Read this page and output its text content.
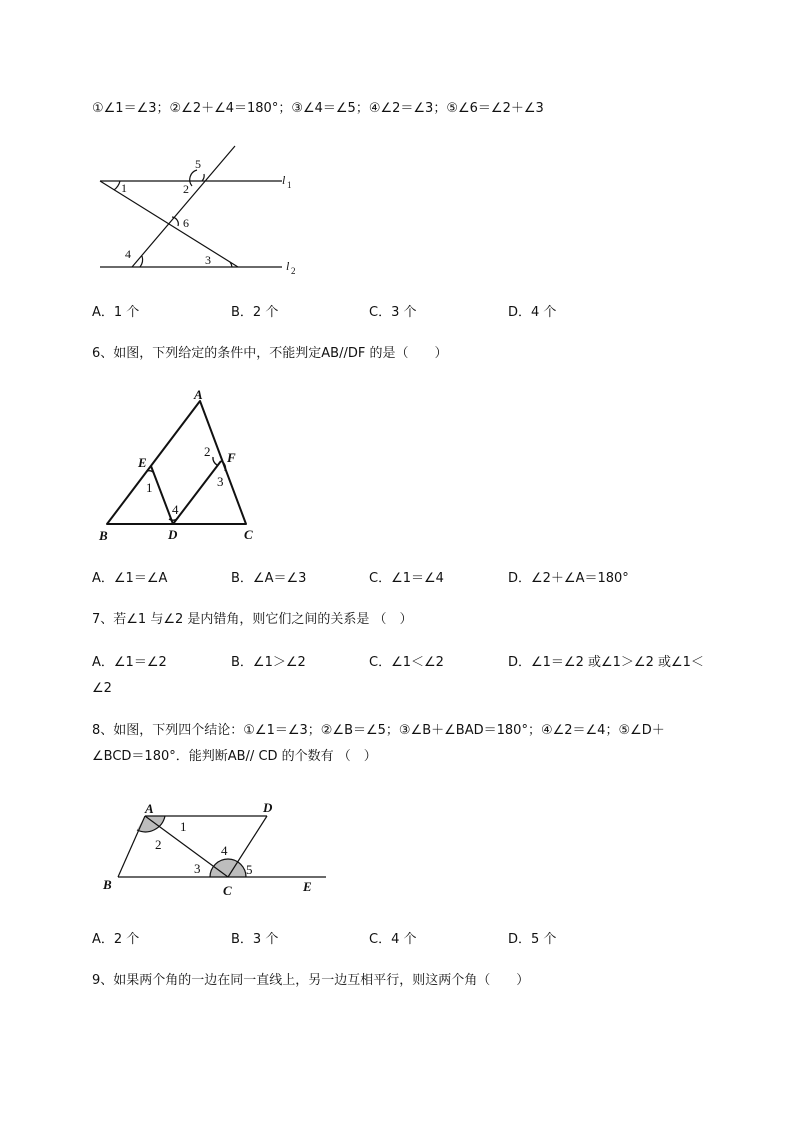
①∠1＝∠3；②∠2＋∠4＝180°；③∠4＝∠5；④∠2＝∠3；⑤∠6＝∠2＋∠3
1	2
3
4
5
6
l 1
l 2
A．1 个	B．2 个	C．3 个	D．4 个
6、如图，下列给定的条件中，不能判定AB//DF 的是（　　）
A
B	C
D
E	F
1
2
3
4
A．∠1＝∠A	B．∠A＝∠3	C．∠1＝∠4	D．∠2＋∠A＝180°
7、若∠1 与∠2 是内错角，则它们之间的关系是 （　）
A．∠1＝∠2	B．∠1＞∠2	C．∠1＜∠2	D．∠1＝∠2 或∠1＞∠2 或∠1＜
∠2
8、如图，下列四个结论：①∠1＝∠3；②∠B＝∠5；③∠B＋∠BAD＝180°；④∠2＝∠4；⑤∠D＋
∠BCD＝180°．能判断AB// CD 的个数有 （　）
A
B	C
D
E
1
2
3
4
5
A．2 个	B．3 个	C．4 个	D．5 个
9、如果两个角的一边在同一直线上，另一边互相平行，则这两个角（　　）
